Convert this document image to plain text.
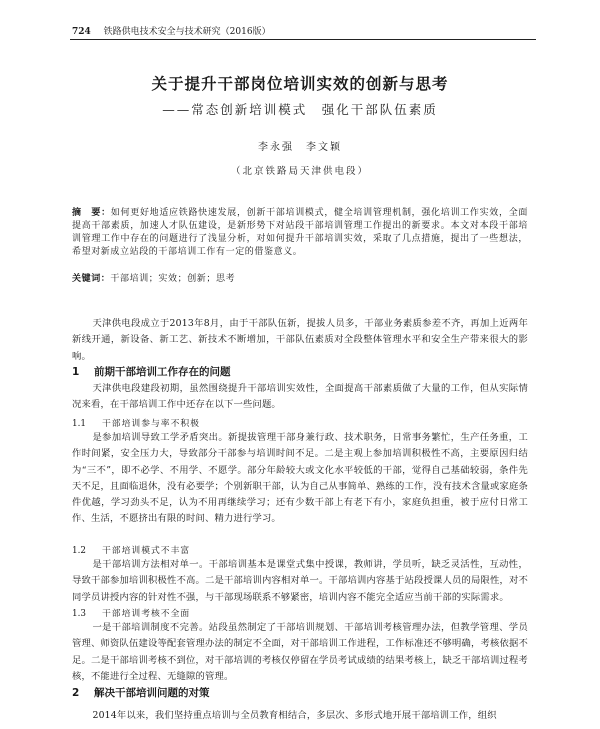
724 铁路供电技术安全与技术研究（2016版）
关于提升干部岗位培训实效的创新与思考
——常态创新培训模式　强化干部队伍素质
李永强　李文颖
（北京铁路局天津供电段）
摘　要：如何更好地适应铁路快速发展，创新干部培训模式，健全培训管理机制，强化培训工作实效，全面提高干部素质，加速人才队伍建设，是新形势下对站段干部培训管理工作提出的新要求。本文对本段干部培训管理工作中存在的问题进行了浅显分析，对如何提升干部培训实效，采取了几点措施，提出了一些想法，希望对新成立站段的干部培训工作有一定的借鉴意义。
关键词：干部培训；实效；创新；思考
天津供电段成立于2013年8月，由于干部队伍新，提拔人员多，干部业务素质参差不齐，再加上近两年新线开通，新设备、新工艺、新技术不断增加，干部队伍素质对全段整体管理水平和安全生产带来很大的影响。
1 前期干部培训工作存在的问题
天津供电段建段初期，虽然围绕提升干部培训实效性，全面提高干部素质做了大量的工作，但从实际情况来看，在干部培训工作中还存在以下一些问题。
1.1 干部培训参与率不积极
是参加培训导致工学矛盾突出。新提拔管理干部身兼行政、技术职务，日常事务繁忙，生产任务重，工作时间紧，安全压力大，导致部分干部参与培训时间不足。二是主观上参加培训积极性不高，主要原因归结为“三不”，即不必学、不用学、不愿学。部分年龄较大或文化水平较低的干部，觉得自己基础较弱，条件先天不足，且面临退休，没有必要学；个别新职干部，认为自己从事简单、熟练的工作，没有技术含量或家庭条件优越，学习劲头不足，认为不用再继续学习；还有少数干部上有老下有小，家庭负担重，被于应付日常工作、生活，不愿挤出有限的时间、精力进行学习。
1.2 干部培训模式不丰富
是干部培训方法相对单一。干部培训基本是课堂式集中授课，教师讲，学员听，缺乏灵活性，互动性，导致干部参加培训积极性不高。二是干部培训内容相对单一。干部培训内容基于站段授课人员的局限性，对不同学员讲授内容的针对性不强，与干部现场联系不够紧密，培训内容不能完全适应当前干部的实际需求。
1.3 干部培训考核不全面
一是干部培训制度不完善。站段虽然制定了干部培训规划、干部培训考核管理办法，但教学管理、学员管理、师资队伍建设等配套管理办法的制定不全面，对干部培训工作进程，工作标准还不够明确，考核依据不足。二是干部培训考核不到位，对干部培训的考核仅停留在学员考试成绩的结果考核上，缺乏干部培训过程考核，不能进行全过程、无缝隙的管理。
2 解决干部培训问题的对策
2014年以来，我们坚持重点培训与全员教育相结合，多层次、多形式地开展干部培训工作，组织
